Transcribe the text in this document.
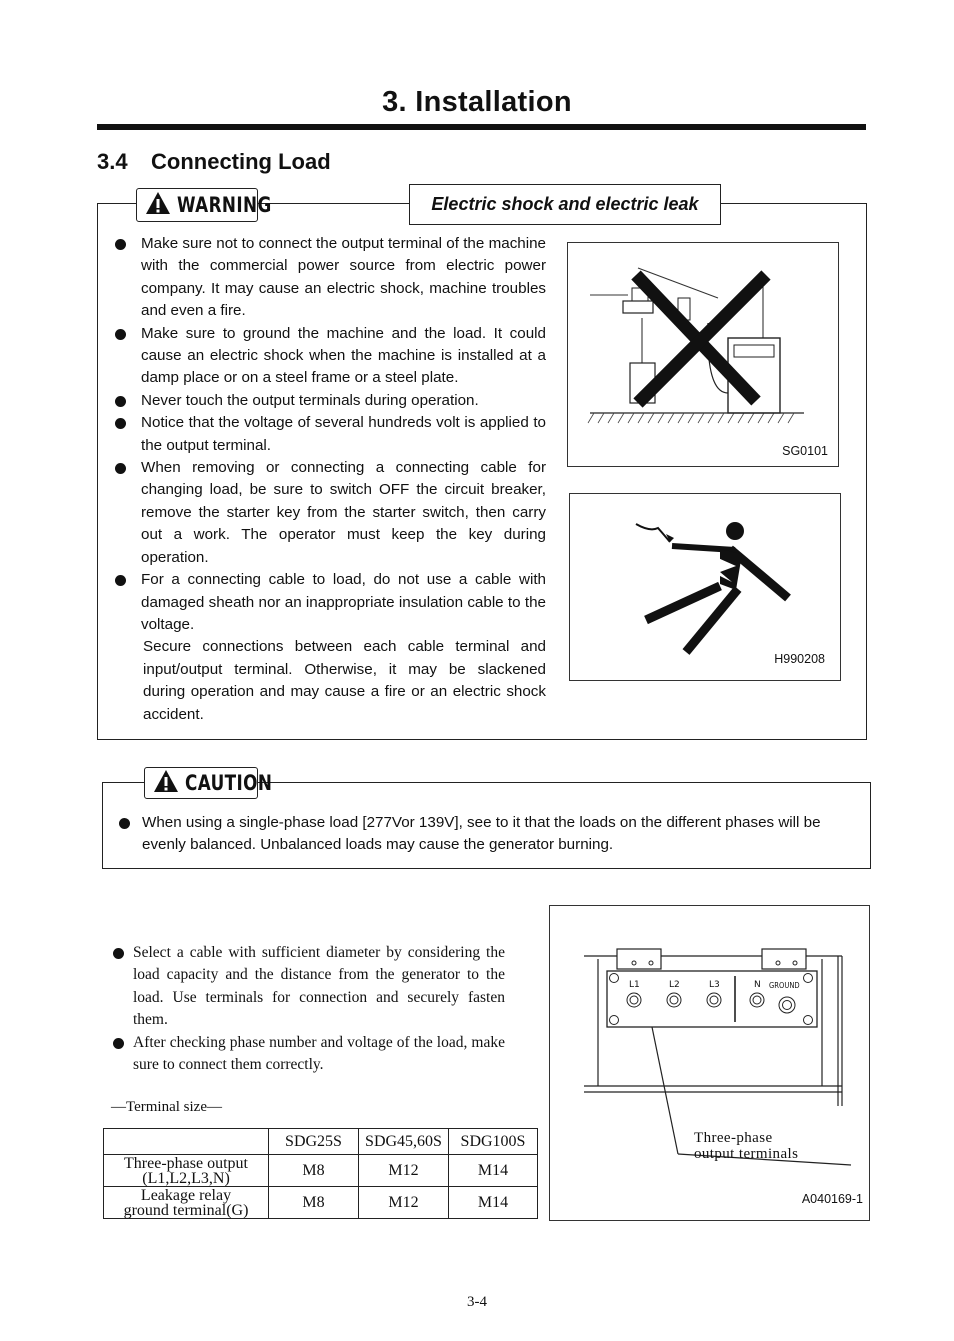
3. Installation
3.4 Connecting Load
WARNING	Electric shock and electric leak
Make sure not to connect the output terminal of the machine with the commercial power source from electric power company. It may cause an electric shock, machine troubles and even a fire.
Make sure to ground the machine and the load. It could cause an electric shock when the machine is installed at a damp place or on a steel frame or a steel plate.
Never touch the output terminals during operation.
Notice that the voltage of several hundreds volt is applied to the output terminal.
When removing or connecting a connecting cable for changing load, be sure to switch OFF the circuit breaker, remove the starter key from the starter switch, then carry out a work. The operator must keep the key during operation.
For a connecting cable to load, do not use a cable with damaged sheath nor an inappropriate insulation cable to the voltage.
Secure connections between each cable terminal and input/output terminal. Otherwise, it may be slackened during operation and may cause a fire or an electric shock accident.
SG0101
H990208
CAUTION
When using a single-phase load [277Vor 139V], see to it that the loads on the different phases will be evenly balanced. Unbalanced loads may cause the generator burning.
Select a cable with sufficient diameter by considering the load capacity and the distance from the generator to the load. Use terminals for connection and securely fasten them.
After checking phase number and voltage of the load, make sure to connect them correctly.
—Terminal size—
	SDG25S	SDG45,60S	SDG100S

Three-phase output
(L1,L2,L3,N)	M8	M12	M14

Leakage relay
ground terminal(G)	M8	M12	M14
L1	L2	L3	N GROUND
Three-phase
output terminals
A040169-1
3-4
